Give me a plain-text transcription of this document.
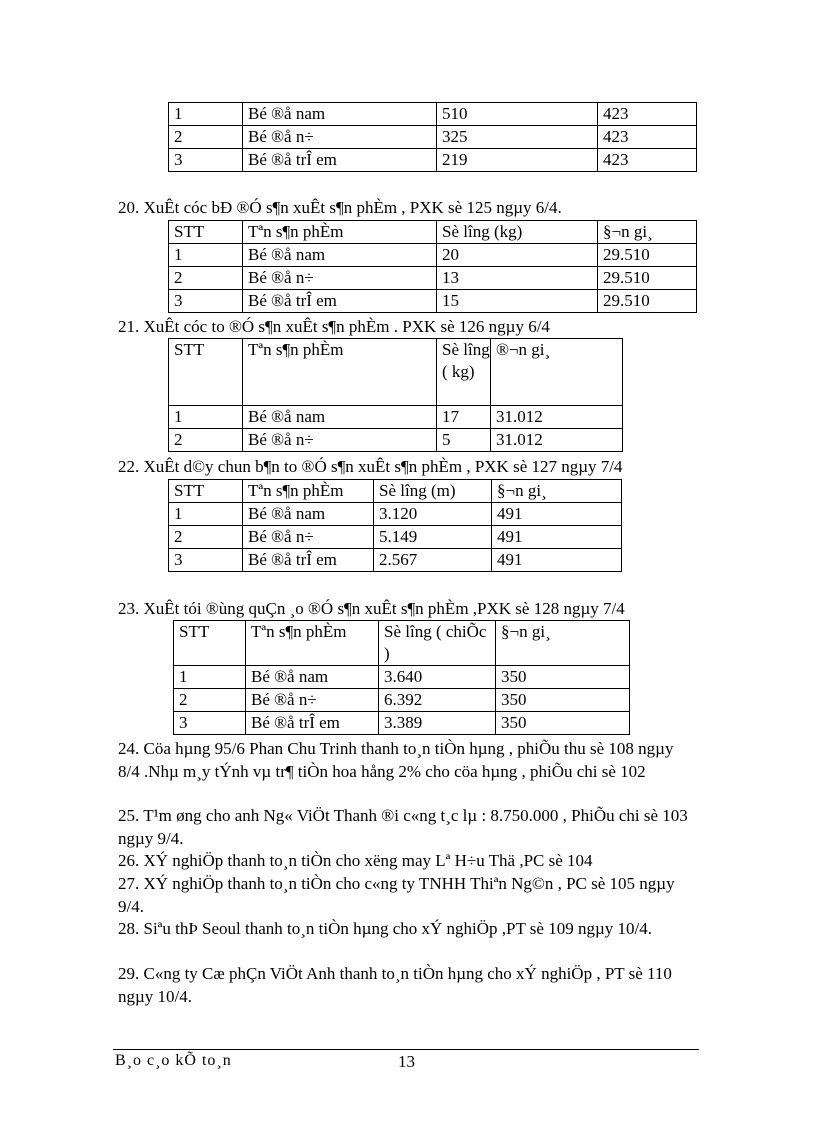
1	Bé ®å nam	510	423
2	Bé ®å n÷	325	423
3	Bé ®å trÎ em	219	423
20. XuÊt cóc bÐ ®Ó s¶n xuÊt s¶n phÈm , PXK sè 125 ngµy 6/4.
STT	Tªn s¶n phÈm	Sè lîng (kg)	§¬n gi¸
1	Bé ®å nam	20	29.510
2	Bé ®å n÷	13	29.510
3	Bé ®å trÎ em	15	29.510
21. XuÊt cóc to ®Ó s¶n xuÊt s¶n phÈm . PXK sè 126 ngµy 6/4
STT	Tªn s¶n phÈm	Sè lîng ( kg)	®¬n gi¸
1	Bé ®å nam	17	31.012
2	Bé ®å n÷	5	31.012
22. XuÊt d©y chun b¶n to ®Ó s¶n xuÊt s¶n phÈm , PXK sè 127 ngµy 7/4
STT	Tªn s¶n phÈm	Sè lîng (m)	§¬n gi¸
1	Bé ®å nam	3.120	491
2	Bé ®å n÷	5.149	491
3	Bé ®å trÎ em	2.567	491
23. XuÊt tói ®ùng quÇn ¸o ®Ó s¶n xuÊt s¶n phÈm ,PXK sè 128 ngµy 7/4
STT	Tªn s¶n phÈm	Sè lîng ( chiÕc )	§¬n gi¸
1	Bé ®å nam	3.640	350
2	Bé ®å n÷	6.392	350
3	Bé ®å trÎ em	3.389	350
24. Cöa hµng 95/6 Phan Chu Trinh thanh to¸n tiÒn hµng , phiÕu thu sè 108 ngµy 8/4 .Nhµ m¸y tÝnh vµ tr¶ tiÒn hoa hång 2% cho cöa hµng , phiÕu chi sè 102
25. T¹m øng cho anh Ng« ViÖt Thanh ®i c«ng t¸c lµ : 8.750.000 , PhiÕu chi sè 103 ngµy 9/4.
26. XÝ nghiÖp thanh to¸n tiÒn cho xëng may Lª H÷u Thä ,PC sè 104
27. XÝ nghiÖp thanh to¸n tiÒn cho c«ng ty TNHH Thiªn Ng©n , PC sè 105 ngµy 9/4.
28. Siªu thÞ Seoul thanh to¸n tiÒn hµng cho xÝ nghiÖp ,PT sè 109 ngµy 10/4.
29. C«ng ty Cæ phÇn ViÖt Anh thanh to¸n tiÒn hµng cho xÝ nghiÖp , PT sè 110 ngµy 10/4.
B¸o c¸o kÕ to¸n	13
